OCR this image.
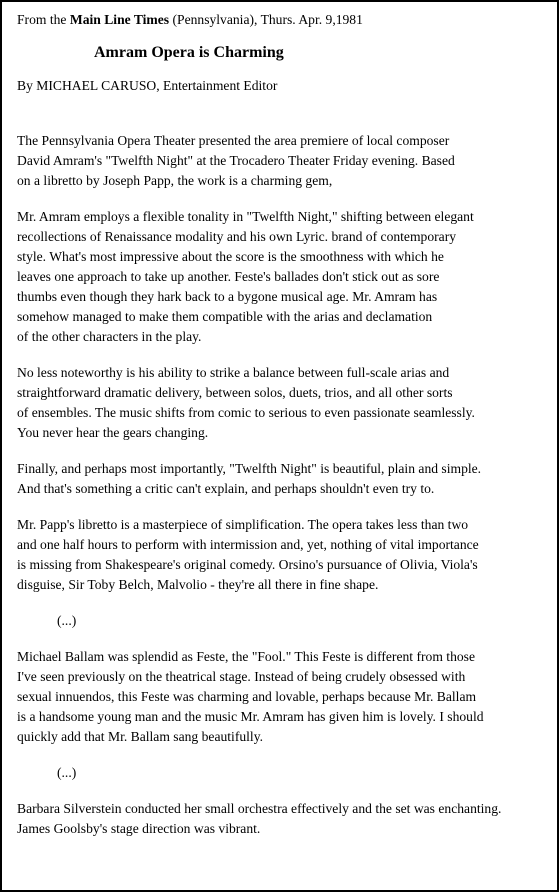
From the Main Line Times (Pennsylvania), Thurs. Apr. 9,1981

Amram Opera is Charming

By MICHAEL CARUSO, Entertainment Editor

The Pennsylvania Opera Theater presented the area premiere of local composer
David Amram's "Twelfth Night" at the Trocadero Theater Friday evening. Based
on a libretto by Joseph Papp, the work is a charming gem,
Mr. Amram employs a flexible tonality in "Twelfth Night," shifting between elegant
recollections of Renaissance modality and his own Lyric. brand of contemporary
style. What's most impressive about the score is the smoothness with which he
leaves one approach to take up another. Feste's ballades don't stick out as sore
thumbs even though they hark back to a bygone musical age. Mr. Amram has
somehow managed to make them compatible with the arias and declamation
of the other characters in the play.
No less noteworthy is his ability to strike a balance between full-scale arias and
straightforward dramatic delivery, between solos, duets, trios, and all other sorts
of ensembles. The music shifts from comic to serious to even passionate seamlessly.
You never hear the gears changing.
Finally, and perhaps most importantly, "Twelfth Night" is beautiful, plain and simple.
And that's something a critic can't explain, and perhaps shouldn't even try to.
Mr. Papp's libretto is a masterpiece of simplification. The opera takes less than two
and one half hours to perform with intermission and, yet, nothing of vital importance
is missing from Shakespeare's original comedy. Orsino's pursuance of Olivia, Viola's
disguise, Sir Toby Belch, Malvolio - they're all there in fine shape.
(...)
Michael Ballam was splendid as Feste, the "Fool." This Feste is different from those
I've seen previously on the theatrical stage. Instead of being crudely obsessed with
sexual innuendos, this Feste was charming and lovable, perhaps because Mr. Ballam
is a handsome young man and the music Mr. Amram has given him is lovely. I should
quickly add that Mr. Ballam sang beautifully.
(...)
Barbara Silverstein conducted her small orchestra effectively and the set was enchanting.
James Goolsby's stage direction was vibrant.
